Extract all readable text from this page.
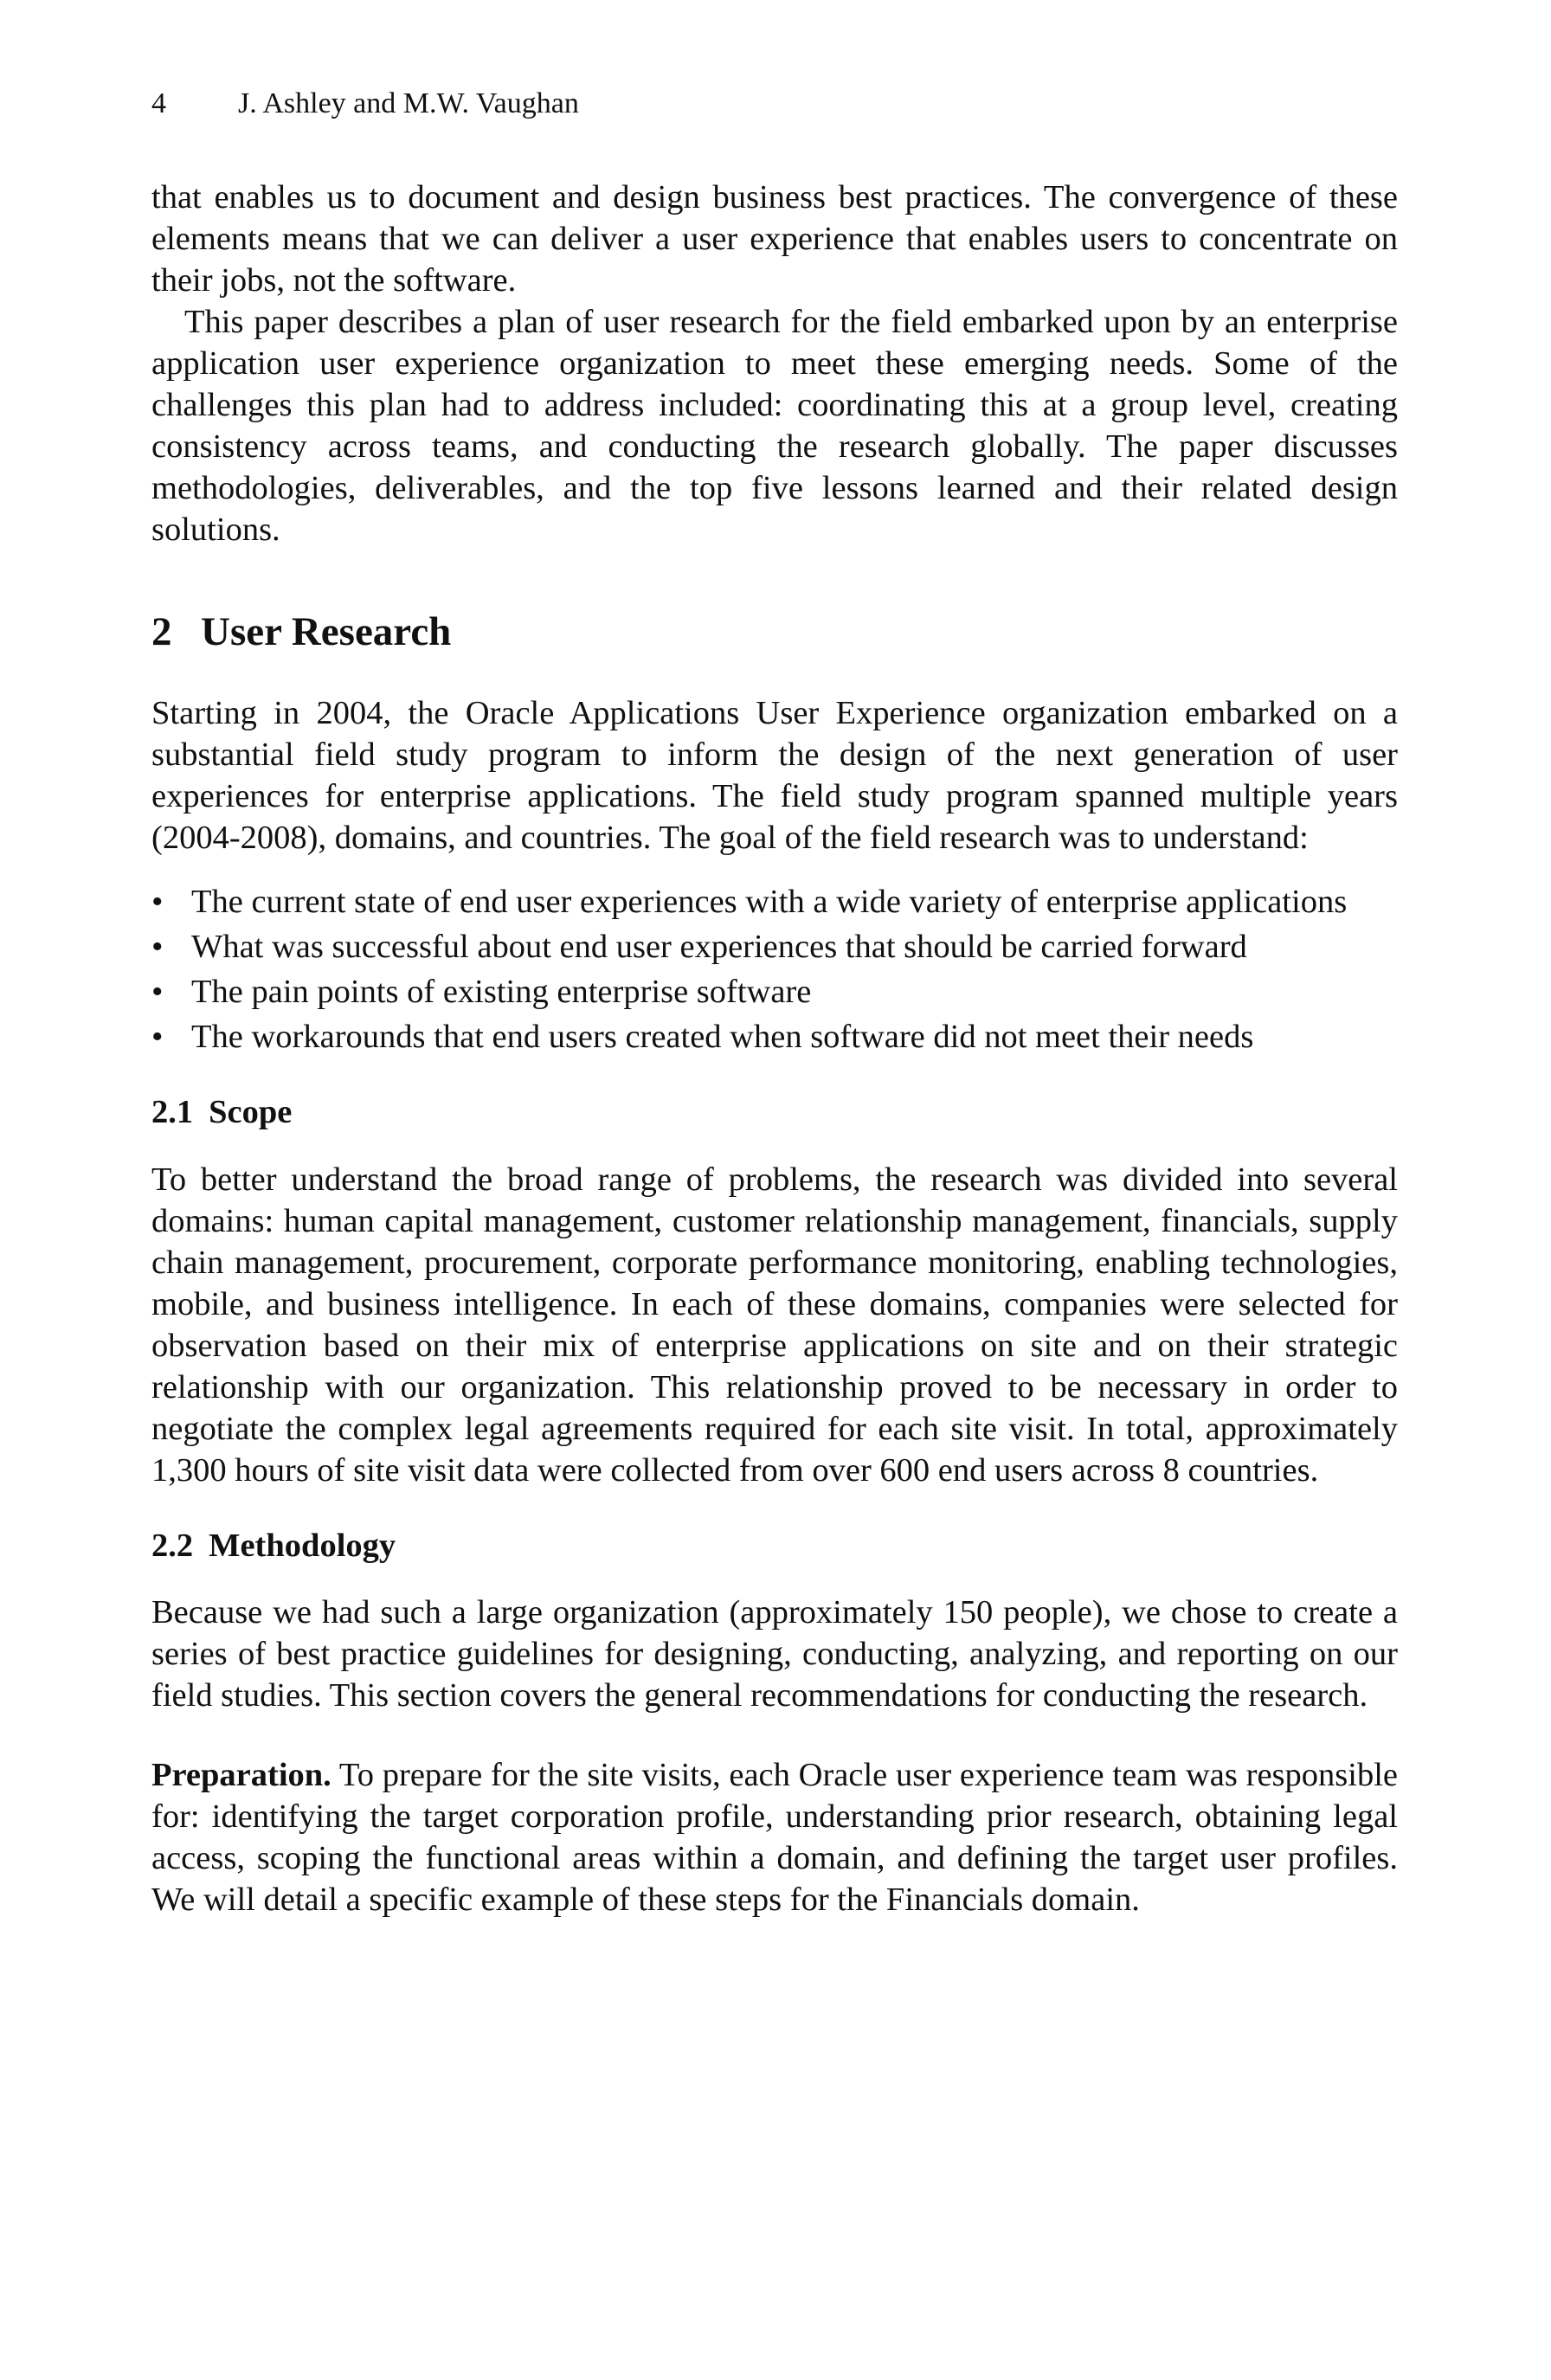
4	J. Ashley and M.W. Vaughan

that enables us to document and design business best practices. The convergence of these elements means that we can deliver a user experience that enables users to concentrate on their jobs, not the software.

This paper describes a plan of user research for the field embarked upon by an enterprise application user experience organization to meet these emerging needs. Some of the challenges this plan had to address included: coordinating this at a group level, creating consistency across teams, and conducting the research globally. The paper discusses methodologies, deliverables, and the top five lessons learned and their related design solutions.

2 User Research

Starting in 2004, the Oracle Applications User Experience organization embarked on a substantial field study program to inform the design of the next generation of user experiences for enterprise applications. The field study program spanned multiple years (2004-2008), domains, and countries. The goal of the field research was to understand:

• The current state of end user experiences with a wide variety of enterprise applications
• What was successful about end user experiences that should be carried forward
• The pain points of existing enterprise software
• The workarounds that end users created when software did not meet their needs
2.1 Scope

To better understand the broad range of problems, the research was divided into several domains: human capital management, customer relationship management, financials, supply chain management, procurement, corporate performance monitoring, enabling technologies, mobile, and business intelligence. In each of these domains, companies were selected for observation based on their mix of enterprise applications on site and on their strategic relationship with our organization. This relationship proved to be necessary in order to negotiate the complex legal agreements required for each site visit. In total, approximately 1,300 hours of site visit data were collected from over 600 end users across 8 countries.

2.2 Methodology

Because we had such a large organization (approximately 150 people), we chose to create a series of best practice guidelines for designing, conducting, analyzing, and reporting on our field studies. This section covers the general recommendations for conducting the research.

Preparation. To prepare for the site visits, each Oracle user experience team was responsible for: identifying the target corporation profile, understanding prior research, obtaining legal access, scoping the functional areas within a domain, and defining the target user profiles. We will detail a specific example of these steps for the Financials domain.
